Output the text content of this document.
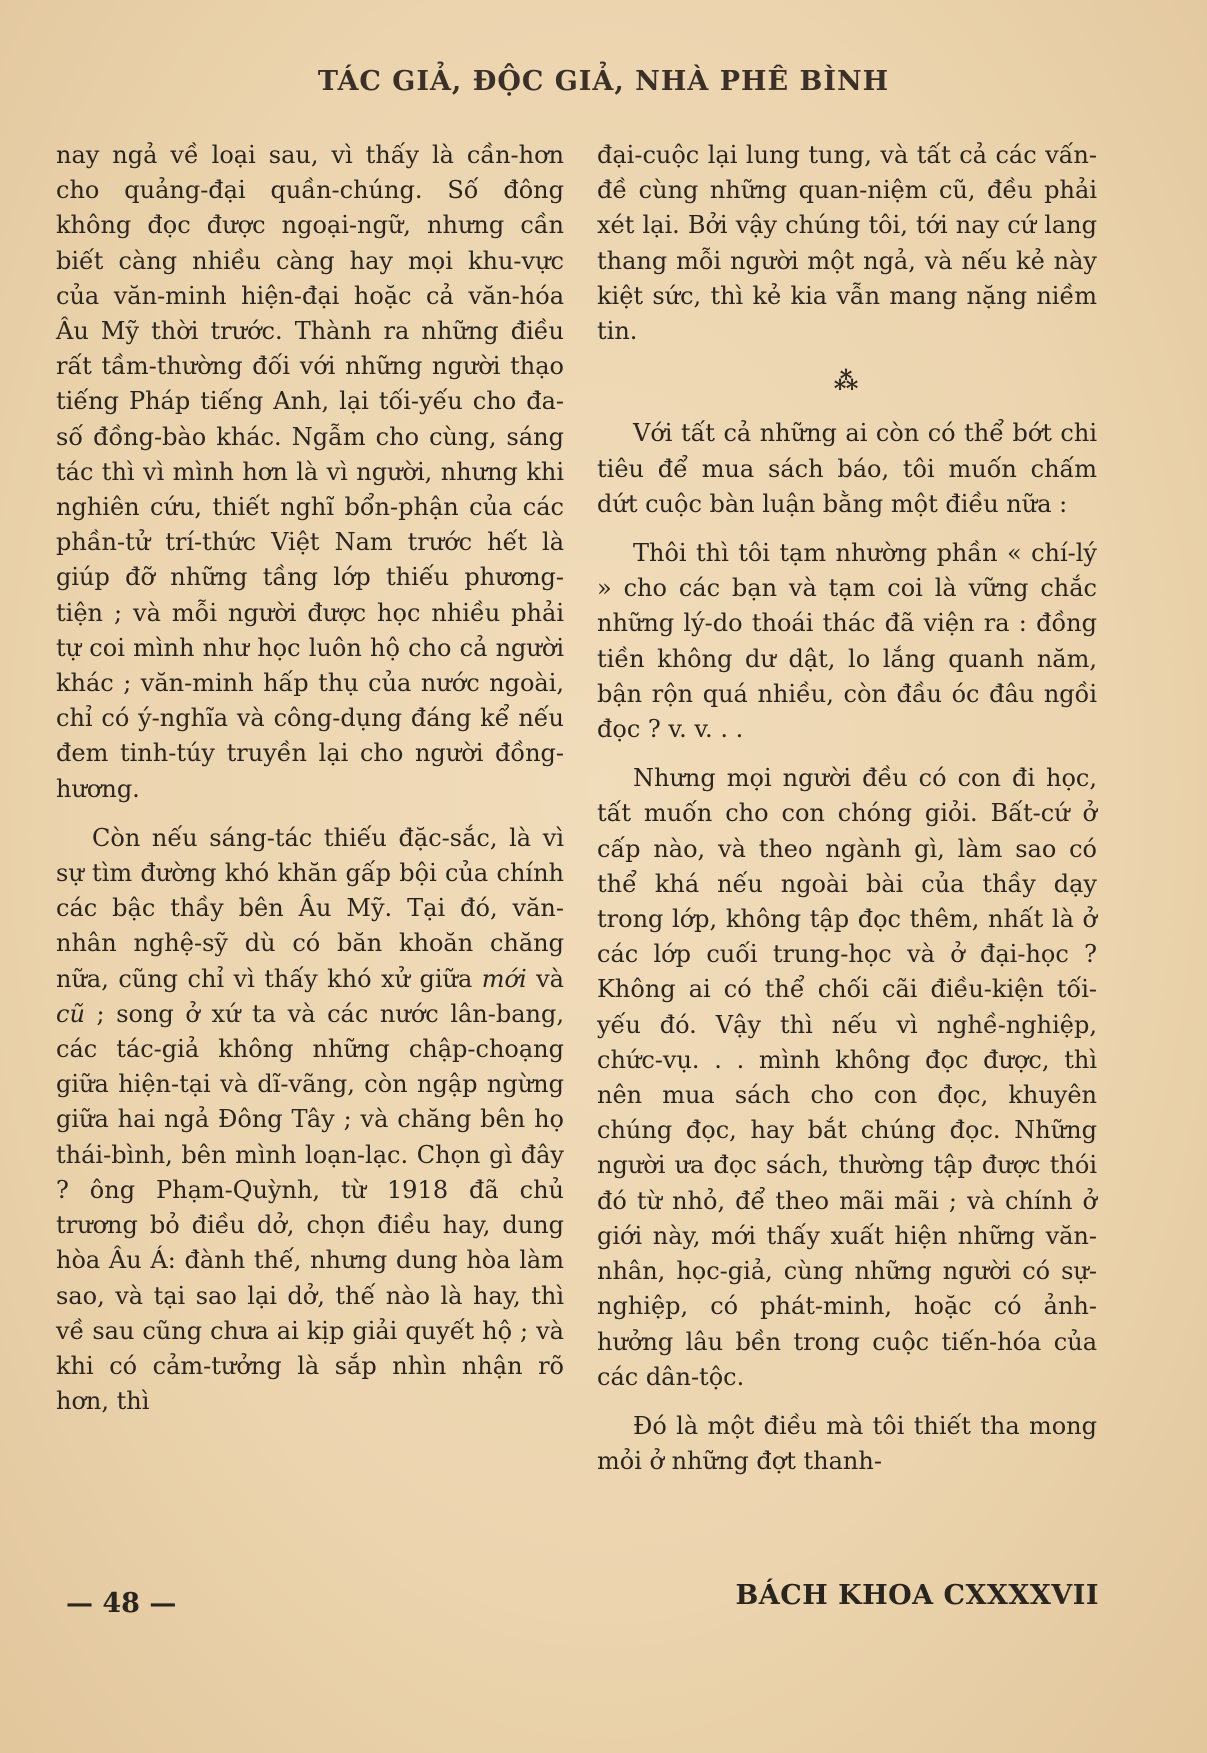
TÁC GIẢ, ĐỘC GIẢ, NHÀ PHÊ BÌNH

nay ngả về loại sau, vì thấy là cần-hơn cho quảng-đại quần-chúng. Số đông không đọc được ngoại-ngữ, nhưng cần biết càng nhiều càng hay mọi khu-vực của văn-minh hiện-đại hoặc cả văn-hóa Âu Mỹ thời trước. Thành ra những điều rất tầm-thường đối với những người thạo tiếng Pháp tiếng Anh, lại tối-yếu cho đa-số đồng-bào khác. Ngẫm cho cùng, sáng tác thì vì mình hơn là vì người, nhưng khi nghiên cứu, thiết nghĩ bổn-phận của các phần-tử trí-thức Việt Nam trước hết là giúp đỡ những tầng lớp thiếu phương-tiện ; và mỗi người được học nhiều phải tự coi mình như học luôn hộ cho cả người khác ; văn-minh hấp thụ của nước ngoài, chỉ có ý-nghĩa và công-dụng đáng kể nếu đem tinh-túy truyền lại cho người đồng-hương.

Còn nếu sáng-tác thiếu đặc-sắc, là vì sự tìm đường khó khăn gấp bội của chính các bậc thầy bên Âu Mỹ. Tại đó, văn-nhân nghệ-sỹ dù có băn khoăn chăng nữa, cũng chỉ vì thấy khó xử giữa mới và cũ ; song ở xứ ta và các nước lân-bang, các tác-giả không những chập-choạng giữa hiện-tại và dĩ-vãng, còn ngập ngừng giữa hai ngả Đông Tây ; và chăng bên họ thái-bình, bên mình loạn-lạc. Chọn gì đây ? ông Phạm-Quỳnh, từ 1918 đã chủ trương bỏ điều dở, chọn điều hay, dung hòa Âu Á: đành thế, nhưng dung hòa làm sao, và tại sao lại dở, thế nào là hay, thì về sau cũng chưa ai kịp giải quyết hộ ; và khi có cảm-tưởng là sắp nhìn nhận rõ hơn, thì

đại-cuộc lại lung tung, và tất cả các vấn-đề cùng những quan-niệm cũ, đều phải xét lại. Bởi vậy chúng tôi, tới nay cứ lang thang mỗi người một ngả, và nếu kẻ này kiệt sức, thì kẻ kia vẫn mang nặng niềm tin.

⁂

Với tất cả những ai còn có thể bớt chi tiêu để mua sách báo, tôi muốn chấm dứt cuộc bàn luận bằng một điều nữa :

Thôi thì tôi tạm nhường phần « chí-lý » cho các bạn và tạm coi là vững chắc những lý-do thoái thác đã viện ra : đồng tiền không dư dật, lo lắng quanh năm, bận rộn quá nhiều, còn đầu óc đâu ngồi đọc ? v. v. . .

Nhưng mọi người đều có con đi học, tất muốn cho con chóng giỏi. Bất-cứ ở cấp nào, và theo ngành gì, làm sao có thể khá nếu ngoài bài của thầy dạy trong lớp, không tập đọc thêm, nhất là ở các lớp cuối trung-học và ở đại-học ? Không ai có thể chối cãi điều-kiện tối-yếu đó. Vậy thì nếu vì nghề-nghiệp, chức-vụ. . . mình không đọc được, thì nên mua sách cho con đọc, khuyên chúng đọc, hay bắt chúng đọc. Những người ưa đọc sách, thường tập được thói đó từ nhỏ, để theo mãi mãi ; và chính ở giới này, mới thấy xuất hiện những văn-nhân, học-giả, cùng những người có sự-nghiệp, có phát-minh, hoặc có ảnh-hưởng lâu bền trong cuộc tiến-hóa của các dân-tộc.

Đó là một điều mà tôi thiết tha mong mỏi ở những đợt thanh-

— 48 —	BÁCH KHOA CXXXXVII
